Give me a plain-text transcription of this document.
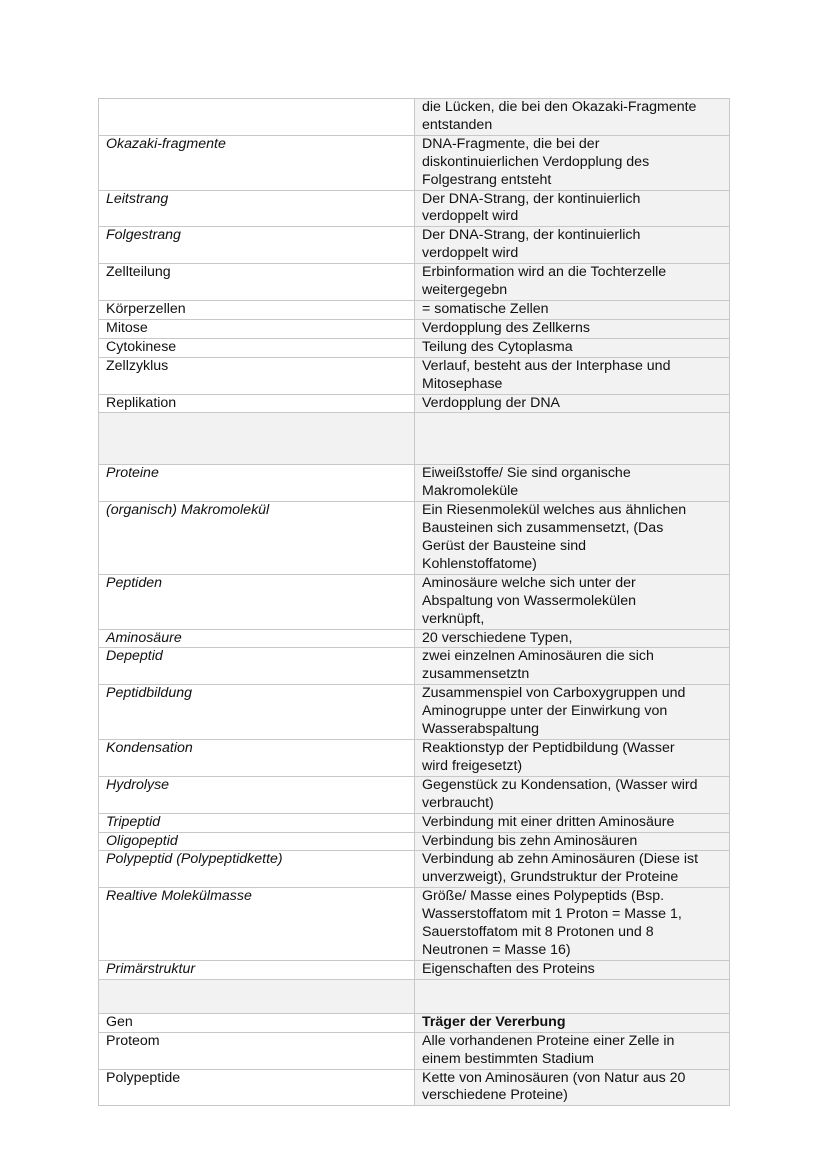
	die Lücken, die bei den Okazaki-Fragmente
entstanden
Okazaki-fragmente	DNA-Fragmente, die bei der
diskontinuierlichen Verdopplung des
Folgestrang entsteht
Leitstrang	Der DNA-Strang, der kontinuierlich
verdoppelt wird
Folgestrang	Der DNA-Strang, der kontinuierlich
verdoppelt wird
Zellteilung	Erbinformation wird an die Tochterzelle
weitergegebn
Körperzellen	= somatische Zellen
Mitose	Verdopplung des Zellkerns
Cytokinese	Teilung des Cytoplasma
Zellzyklus	Verlauf, besteht aus der Interphase und
Mitosephase
Replikation	Verdopplung der DNA

Proteine	Eiweißstoffe/ Sie sind organische
Makromoleküle
(organisch) Makromolekül	Ein Riesenmolekül welches aus ähnlichen
Bausteinen sich zusammensetzt, (Das
Gerüst der Bausteine sind
Kohlenstoffatome)
Peptiden	Aminosäure welche sich unter der
Abspaltung von Wassermolekülen
verknüpft,
Aminosäure	20 verschiedene Typen,
Depeptid	zwei einzelnen Aminosäuren die sich
zusammensetztn
Peptidbildung	Zusammenspiel von Carboxygruppen und
Aminogruppe unter der Einwirkung von
Wasserabspaltung
Kondensation	Reaktionstyp der Peptidbildung (Wasser
wird freigesetzt)
Hydrolyse	Gegenstück zu Kondensation, (Wasser wird
verbraucht)
Tripeptid	Verbindung mit einer dritten Aminosäure
Oligopeptid	Verbindung bis zehn Aminosäuren
Polypeptid (Polypeptidkette)	Verbindung ab zehn Aminosäuren (Diese ist
unverzweigt), Grundstruktur der Proteine
Realtive Molekülmasse	Größe/ Masse eines Polypeptids (Bsp.
Wasserstoffatom mit 1 Proton = Masse 1,
Sauerstoffatom mit 8 Protonen und 8
Neutronen = Masse 16)
Primärstruktur	Eigenschaften des Proteins

Gen	Träger der Vererbung
Proteom	Alle vorhandenen Proteine einer Zelle in
einem bestimmten Stadium
Polypeptide	Kette von Aminosäuren (von Natur aus 20
verschiedene Proteine)
